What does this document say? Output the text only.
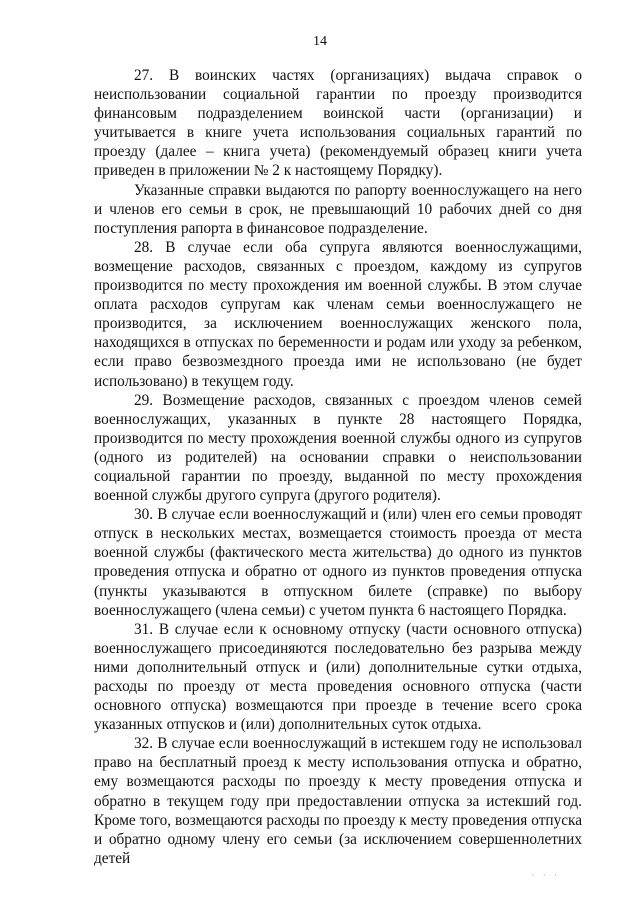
14

27. В воинских частях (организациях) выдача справок о неиспользовании социальной гарантии по проезду производится финансовым подразделением воинской части (организации) и учитывается в книге учета использования социальных гарантий по проезду (далее – книга учета) (рекомендуемый образец книги учета приведен в приложении № 2 к настоящему Порядку).

Указанные справки выдаются по рапорту военнослужащего на него и членов его семьи в срок, не превышающий 10 рабочих дней со дня поступления рапорта в финансовое подразделение.

28. В случае если оба супруга являются военнослужащими, возмещение расходов, связанных с проездом, каждому из супругов производится по месту прохождения им военной службы. В этом случае оплата расходов супругам как членам семьи военнослужащего не производится, за исключением военнослужащих женского пола, находящихся в отпусках по беременности и родам или уходу за ребенком, если право безвозмездного проезда ими не использовано (не будет использовано) в текущем году.

29. Возмещение расходов, связанных с проездом членов семей военнослужащих, указанных в пункте 28 настоящего Порядка, производится по месту прохождения военной службы одного из супругов (одного из родителей) на основании справки о неиспользовании социальной гарантии по проезду, выданной по месту прохождения военной службы другого супруга (другого родителя).

30. В случае если военнослужащий и (или) член его семьи проводят отпуск в нескольких местах, возмещается стоимость проезда от места военной службы (фактического места жительства) до одного из пунктов проведения отпуска и обратно от одного из пунктов проведения отпуска (пункты указываются в отпускном билете (справке) по выбору военнослужащего (члена семьи) с учетом пункта 6 настоящего Порядка.

31. В случае если к основному отпуску (части основного отпуска) военнослужащего присоединяются последовательно без разрыва между ними дополнительный отпуск и (или) дополнительные сутки отдыха, расходы по проезду от места проведения основного отпуска (части основного отпуска) возмещаются при проезде в течение всего срока указанных отпусков и (или) дополнительных суток отдыха.

32. В случае если военнослужащий в истекшем году не использовал право на бесплатный проезд к месту использования отпуска и обратно, ему возмещаются расходы по проезду к месту проведения отпуска и обратно в текущем году при предоставлении отпуска за истекший год. Кроме того, возмещаются расходы по проезду к месту проведения отпуска и обратно одному члену его семьи (за исключением совершеннолетних детей

· · ·
